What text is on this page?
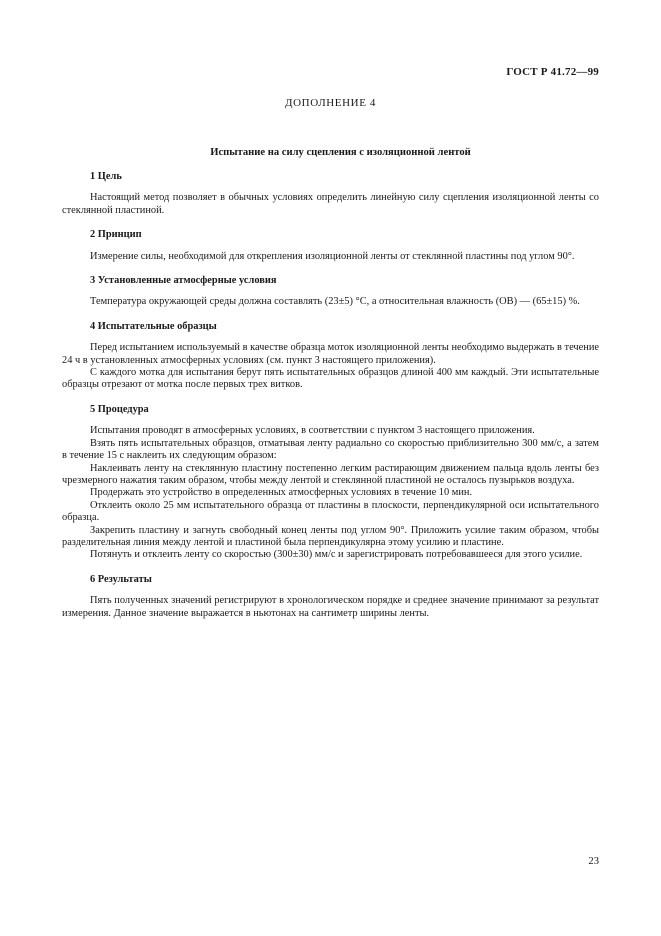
ГОСТ Р 41.72—99
ДОПОЛНЕНИЕ 4
Испытание на силу сцепления с изоляционной лентой

1 Цель

Настоящий метод позволяет в обычных условиях определить линейную силу сцепления изоляционной ленты со стеклянной пластиной.

2 Принцип

Измерение силы, необходимой для открепления изоляционной ленты от стеклянной пластины под углом 90°.

3 Установленные атмосферные условия

Температура окружающей среды должна составлять (23±5) °С, а относительная влажность (ОВ) — (65±15) %.

4 Испытательные образцы

Перед испытанием используемый в качестве образца моток изоляционной ленты необходимо выдержать в течение 24 ч в установленных атмосферных условиях (см. пункт 3 настоящего приложения).

С каждого мотка для испытания берут пять испытательных образцов длиной 400 мм каждый. Эти испытательные образцы отрезают от мотка после первых трех витков.

5 Процедура

Испытания проводят в атмосферных условиях, в соответствии с пунктом 3 настоящего приложения.

Взять пять испытательных образцов, отматывая ленту радиально со скоростью приблизительно 300 мм/с, а затем в течение 15 с наклеить их следующим образом:

Наклеивать ленту на стеклянную пластину постепенно легким растирающим движением пальца вдоль ленты без чрезмерного нажатия таким образом, чтобы между лентой и стеклянной пластиной не осталось пузырьков воздуха.

Продержать это устройство в определенных атмосферных условиях в течение 10 мин.

Отклеить около 25 мм испытательного образца от пластины в плоскости, перпендикулярной оси испытательного образца.

Закрепить пластину и загнуть свободный конец ленты под углом 90°. Приложить усилие таким образом, чтобы разделительная линия между лентой и пластиной была перпендикулярна этому усилию и пластине.

Потянуть и отклеить ленту со скоростью (300±30) мм/с и зарегистрировать потребовавшееся для этого усилие.

6 Результаты

Пять полученных значений регистрируют в хронологическом порядке и среднее значение принимают за результат измерения. Данное значение выражается в ньютонах на сантиметр ширины ленты.

23
